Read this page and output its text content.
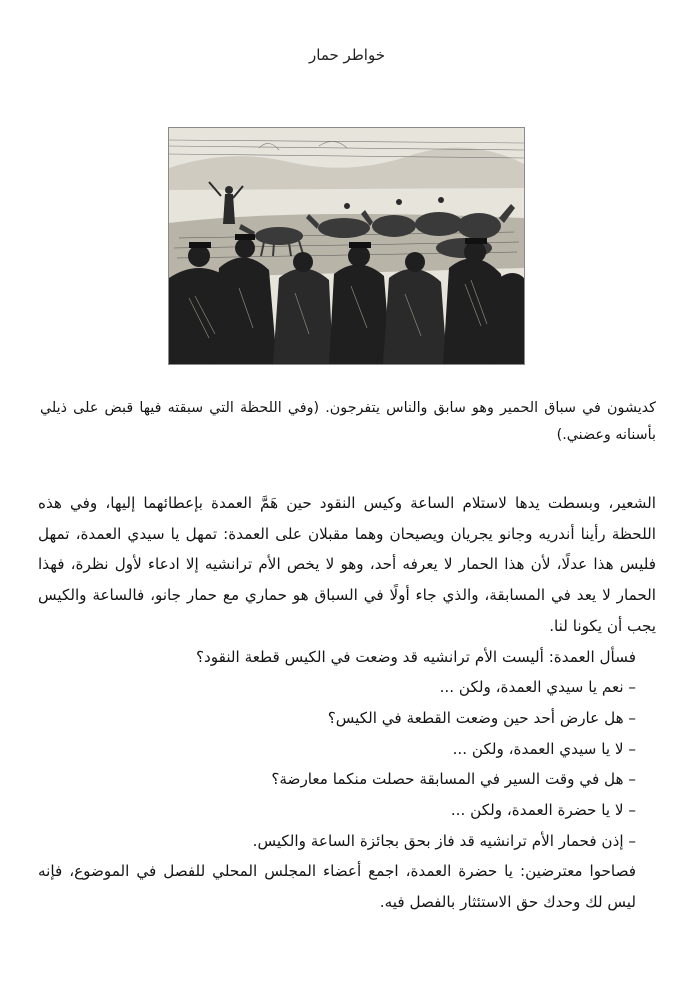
خواطر حمار

كديشون في سباق الحمير وهو سابق والناس يتفرجون. (وفي اللحظة التي سبقته فيها قبض على ذيلي بأسنانه وعضني.)

الشعير، وبسطت يدها لاستلام الساعة وكيس النقود حين هَمَّ العمدة بإعطائهما إليها، وفي هذه اللحظة رأينا أندريه وجانو يجريان ويصيحان وهما مقبلان على العمدة: تمهل يا سيدي العمدة، تمهل فليس هذا عدلًا، لأن هذا الحمار لا يعرفه أحد، وهو لا يخص الأم ترانشيه إلا ادعاء لأول نظرة، فهذا الحمار لا يعد في المسابقة، والذي جاء أولًا في السباق هو حماري مع حمار جانو، فالساعة والكيس يجب أن يكونا لنا.

فسأل العمدة: أليست الأم ترانشيه قد وضعت في الكيس قطعة النقود؟

– نعم يا سيدي العمدة، ولكن ...

– هل عارض أحد حين وضعت القطعة في الكيس؟

– لا يا سيدي العمدة، ولكن ...

– هل في وقت السير في المسابقة حصلت منكما معارضة؟

– لا يا حضرة العمدة، ولكن ...

– إذن فحمار الأم ترانشيه قد فاز بحق بجائزة الساعة والكيس.

فصاحوا معترضين: يا حضرة العمدة، اجمع أعضاء المجلس المحلي للفصل في الموضوع، فإنه ليس لك وحدك حق الاستئثار بالفصل فيه.
